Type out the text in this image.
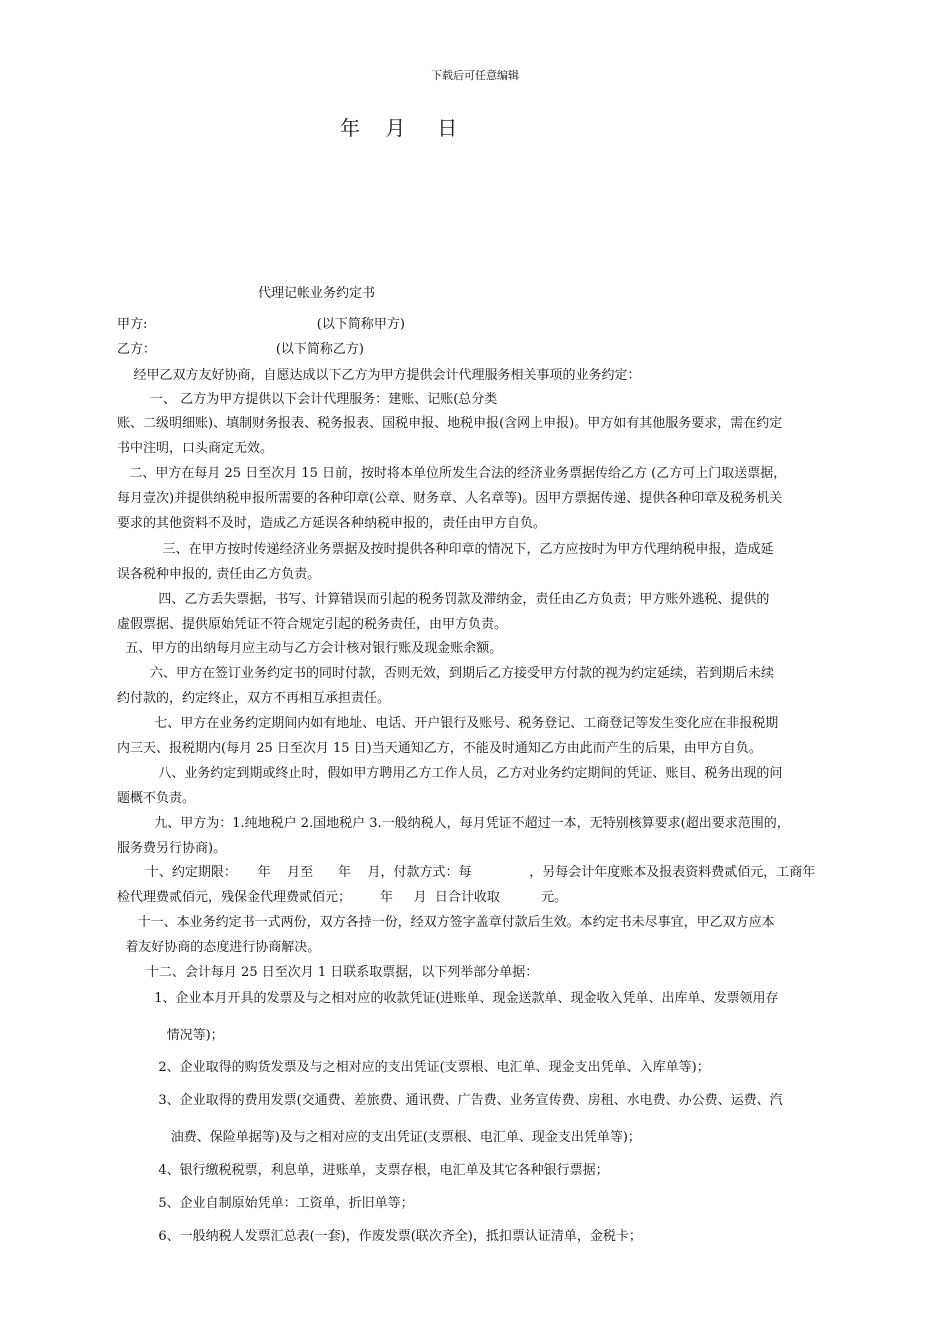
下载后可任意编辑
年    月     日
代理记帐业务约定书
甲方:                                         (以下简称甲方)
乙方：                             (以下简称乙方)
经甲乙双方友好协商，自愿达成以下乙方为甲方提供会计代理服务相关事项的业务约定：
一、 乙方为甲方提供以下会计代理服务：建账、记账(总分类
账、二级明细账)、填制财务报表、税务报表、国税申报、地税申报(含网上申报)。甲方如有其他服务要求，需在约定
书中注明，口头商定无效。
二、甲方在每月 25 日至次月 15 日前，按时将本单位所发生合法的经济业务票据传给乙方 (乙方可上门取送票据，
每月壹次)并提供纳税申报所需要的各种印章(公章、财务章、人名章等)。因甲方票据传递、提供各种印章及税务机关
要求的其他资料不及时，造成乙方延误各种纳税申报的，责任由甲方自负。
三、在甲方按时传递经济业务票据及按时提供各种印章的情况下，乙方应按时为甲方代理纳税申报，造成延
误各税种申报的, 责任由乙方负责。
四、乙方丢失票据，书写、计算错误而引起的税务罚款及滞纳金，责任由乙方负责；甲方账外逃税、提供的
虚假票据、提供原始凭证不符合规定引起的税务责任，由甲方负责。
五、甲方的出纳每月应主动与乙方会计核对银行账及现金账余额。
六、甲方在签订业务约定书的同时付款，否则无效，到期后乙方接受甲方付款的视为约定延续，若到期后未续
约付款的，约定终止，双方不再相互承担责任。
七、甲方在业务约定期间内如有地址、电话、开户银行及账号、税务登记、工商登记等发生变化应在非报税期
内三天、报税期内(每月 25 日至次月 15 日)当天通知乙方，不能及时通知乙方由此而产生的后果，由甲方自负。
八、业务约定到期或终止时，假如甲方聘用乙方工作人员，乙方对业务约定期间的凭证、账目、税务出现的问
题概不负责。
九、甲方为：1.纯地税户 2.国地税户 3.一般纳税人，每月凭证不超过一本，无特别核算要求(超出要求范围的，
服务费另行协商)。
十、约定期限：     年    月至      年    月，付款方式：每              ，另每会计年度账本及报表资料费贰佰元，工商年
检代理费贰佰元，残保金代理费贰佰元；       年     月  日合计收取          元。
十一、本业务约定书一式两份，双方各持一份，经双方签字盖章付款后生效。本约定书未尽事宜，甲乙双方应本
着友好协商的态度进行协商解决。
十二、会计每月 25 日至次月 1 日联系取票据，以下列举部分单据：
1、企业本月开具的发票及与之相对应的收款凭证(进账单、现金送款单、现金收入凭单、出库单、发票领用存
情况等)；
2、企业取得的购货发票及与之相对应的支出凭证(支票根、电汇单、现金支出凭单、入库单等)；
3、企业取得的费用发票(交通费、差旅费、通讯费、广告费、业务宣传费、房租、水电费、办公费、运费、汽
油费、保险单据等)及与之相对应的支出凭证(支票根、电汇单、现金支出凭单等)；
4、银行缴税税票，利息单，进账单，支票存根，电汇单及其它各种银行票据；
5、企业自制原始凭单：工资单，折旧单等；
6、一般纳税人发票汇总表(一套)，作废发票(联次齐全)，抵扣票认证清单，金税卡；
